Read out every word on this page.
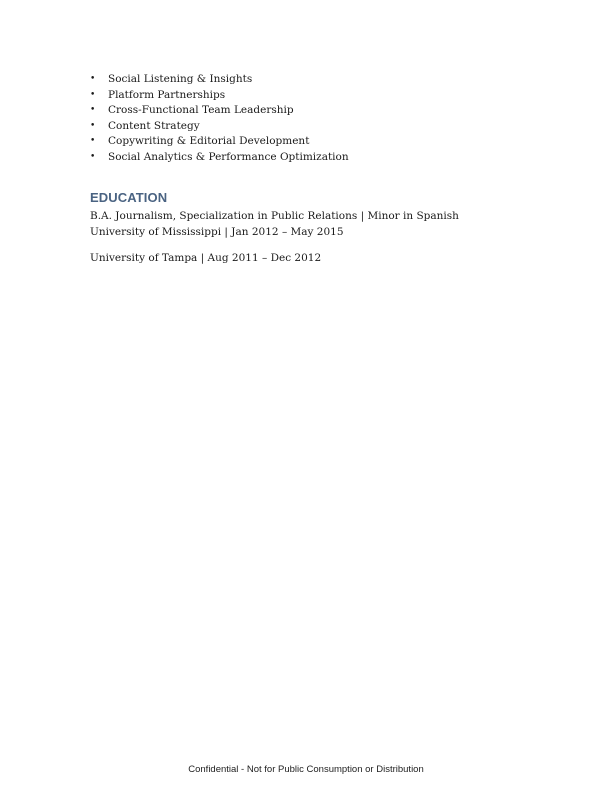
• Social Listening & Insights
• Platform Partnerships
• Cross-Functional Team Leadership
• Content Strategy
• Copywriting & Editorial Development
• Social Analytics & Performance Optimization
EDUCATION
B.A. Journalism, Specialization in Public Relations | Minor in Spanish
University of Mississippi | Jan 2012 – May 2015
University of Tampa | Aug 2011 – Dec 2012
Confidential - Not for Public Consumption or Distribution
